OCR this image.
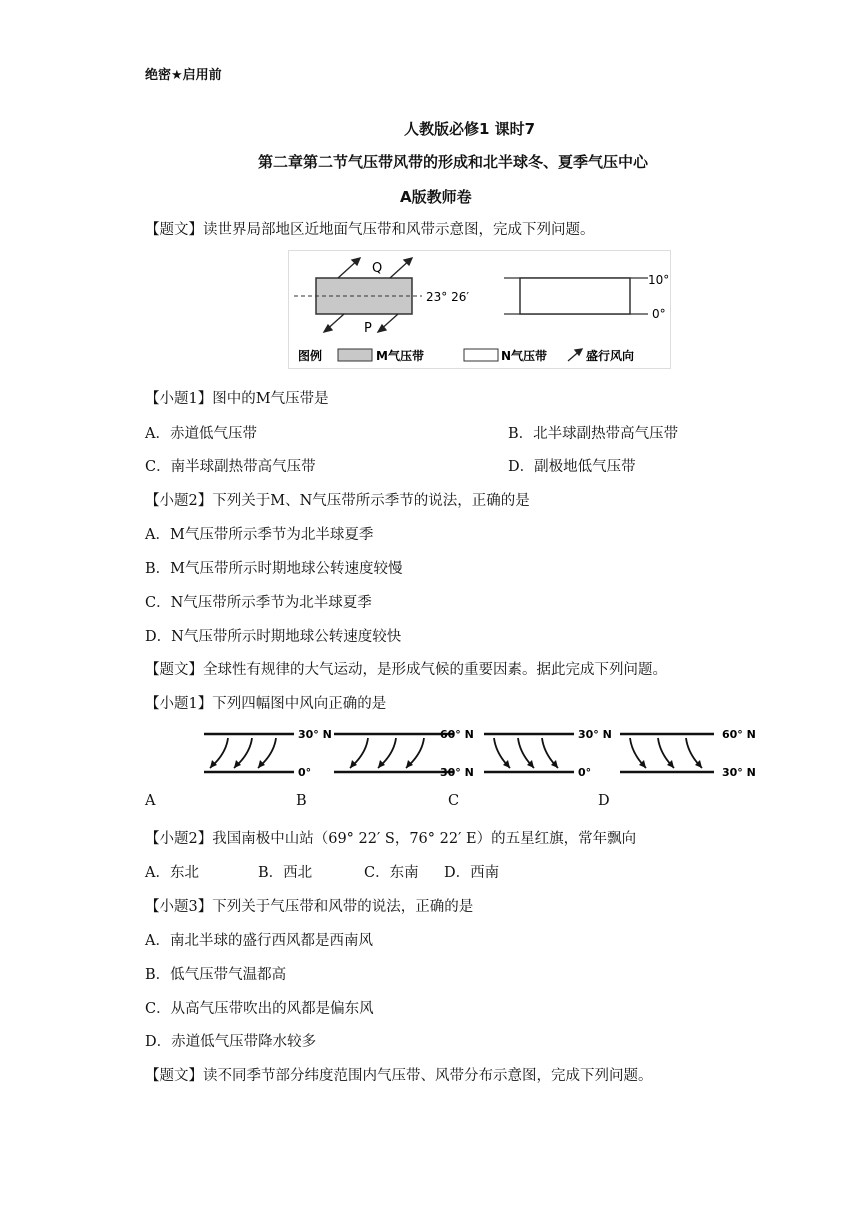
绝密★启用前
人教版必修1 课时7
第二章第二节气压带风带的形成和北半球冬、夏季气压中心
A版教师卷
【题文】读世界局部地区近地面气压带和风带示意图，完成下列问题。
23° 26′
Q
P
10°
0°
图例	M气压带	N气压带	盛行风向
【小题1】图中的M气压带是
A．赤道低气压带	B．北半球副热带高气压带
C．南半球副热带高气压带	D．副极地低气压带
【小题2】下列关于M、N气压带所示季节的说法，正确的是
A．M气压带所示季节为北半球夏季
B．M气压带所示时期地球公转速度较慢
C．N气压带所示季节为北半球夏季
D．N气压带所示时期地球公转速度较快
【题文】全球性有规律的大气运动，是形成气候的重要因素。据此完成下列问题。
【小题1】下列四幅图中风向正确的是
30° N
0°
60° N
30° N
30° N
0°
60° N
30° N
A	B	C	D
【小题2】我国南极中山站（69° 22′ S，76° 22′ E）的五星红旗，常年飘向
A．东北	B．西北	C．东南 D．西南
【小题3】下列关于气压带和风带的说法，正确的是
A．南北半球的盛行西风都是西南风
B．低气压带气温都高
C．从高气压带吹出的风都是偏东风
D．赤道低气压带降水较多
【题文】读不同季节部分纬度范围内气压带、风带分布示意图，完成下列问题。
